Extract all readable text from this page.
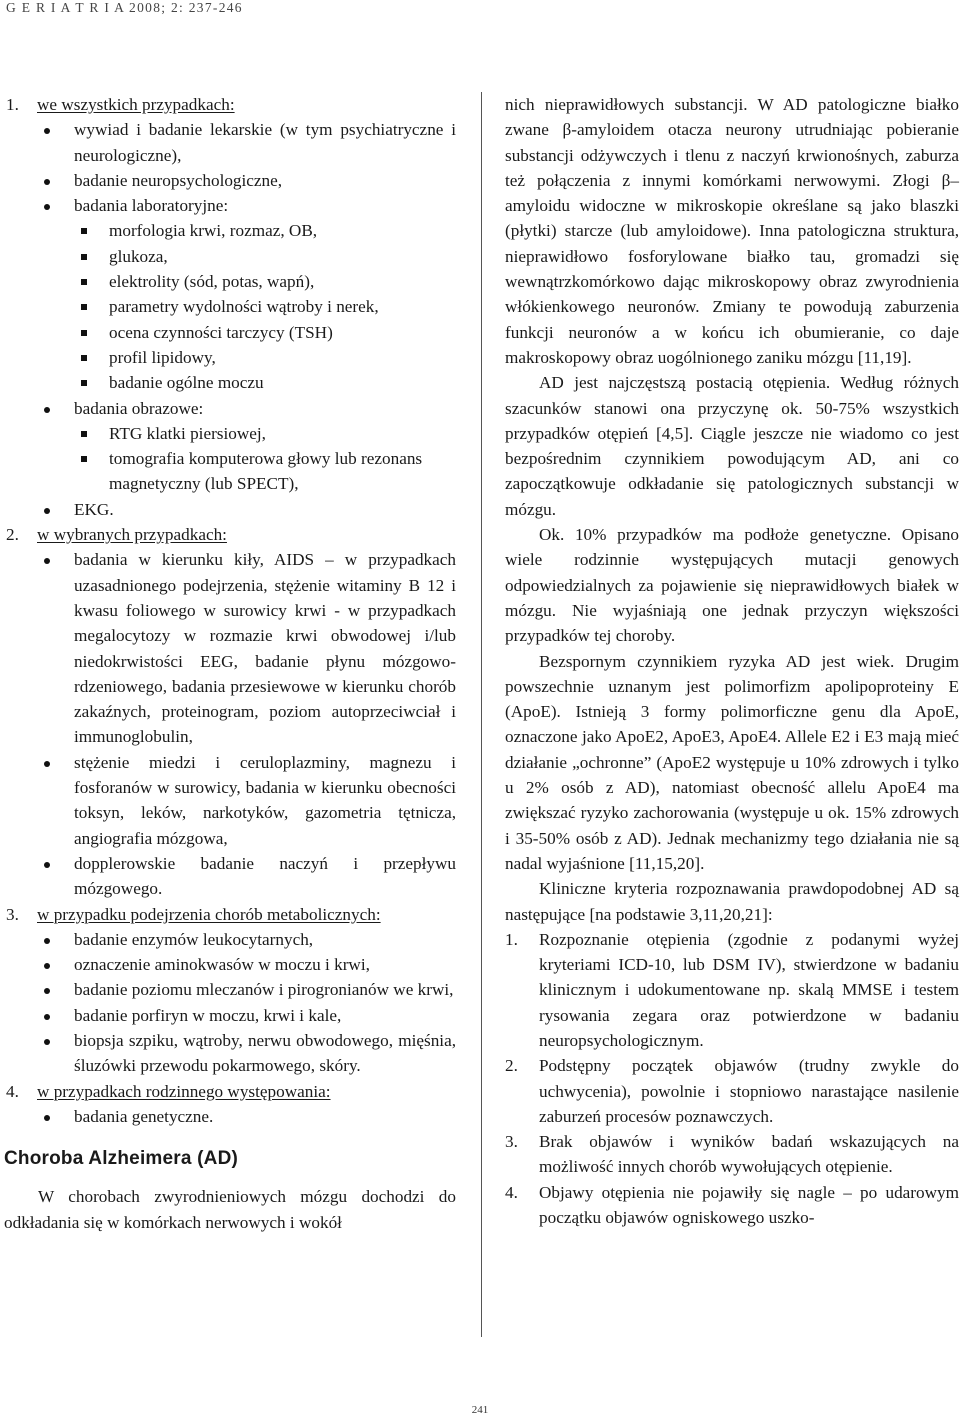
G E R I A T R I A 2008; 2: 237-246
1. we wszystkich przypadkach:
wywiad i badanie lekarskie (w tym psychiatryczne i neurologiczne),
badanie neuropsychologiczne,
badania laboratoryjne:
morfologia krwi, rozmaz, OB,
glukoza,
elektrolity (sód, potas, wapń),
parametry wydolności wątroby i nerek,
ocena czynności tarczycy (TSH)
profil lipidowy,
badanie ogólne moczu
badania obrazowe:
RTG klatki piersiowej,
tomografia komputerowa głowy lub rezonans magnetyczny (lub SPECT),
EKG.
2. w wybranych przypadkach:
badania w kierunku kiły, AIDS – w przypadkach uzasadnionego podejrzenia, stężenie witaminy B 12 i kwasu foliowego w surowicy krwi - w przypadkach megalocytozy w rozmazie krwi obwodowej i/lub niedokrwistości EEG, badanie płynu mózgowo-rdzeniowego, badania przesiewowe w kierunku chorób zakaźnych, proteinogram, poziom autoprzeciwciał i immunoglobulin,
stężenie miedzi i ceruloplazminy, magnezu i fosforanów w surowicy, badania w kierunku obecności toksyn, leków, narkotyków, gazometria tętnicza, angiografia mózgowa,
dopplerowskie badanie naczyń i przepływu mózgowego.
3. w przypadku podejrzenia chorób metabolicznych:
badanie enzymów leukocytarnych,
oznaczenie aminokwasów w moczu i krwi,
badanie poziomu mleczanów i pirogronianów we krwi,
badanie porfiryn w moczu, krwi i kale,
biopsja szpiku, wątroby, nerwu obwodowego, mięśnia, śluzówki przewodu pokarmowego, skóry.
4. w przypadkach rodzinnego występowania:
badania genetyczne.
Choroba Alzheimera (AD)

W chorobach zwyrodnieniowych mózgu dochodzi do odkładania się w komórkach nerwowych i wokół

nich nieprawidłowych substancji. W AD patologiczne białko zwane β-amyloidem otacza neurony utrudniając pobieranie substancji odżywczych i tlenu z naczyń krwionośnych, zaburza też połączenia z innymi komórkami nerwowymi. Złogi β–amyloidu widoczne w mikroskopie określane są jako blaszki (płytki) starcze (lub amyloidowe). Inna patologiczna struktura, nieprawidłowo fosforylowane białko tau, gromadzi się wewnątrzkomórkowo dając mikroskopowy obraz zwyrodnienia włókienkowego neuronów. Zmiany te powodują zaburzenia funkcji neuronów a w końcu ich obumieranie, co daje makroskopowy obraz uogólnionego zaniku mózgu [11,19].

AD jest najczęstszą postacią otępienia. Według różnych szacunków stanowi ona przyczynę ok. 50-75% wszystkich przypadków otępień [4,5]. Ciągle jeszcze nie wiadomo co jest bezpośrednim czynnikiem powodującym AD, ani co zapoczątkowuje odkładanie się patologicznych substancji w mózgu.

Ok. 10% przypadków ma podłoże genetyczne. Opisano wiele rodzinnie występujących mutacji genowych odpowiedzialnych za pojawienie się nieprawidłowych białek w mózgu. Nie wyjaśniają one jednak przyczyn większości przypadków tej choroby.

Bezspornym czynnikiem ryzyka AD jest wiek. Drugim powszechnie uznanym jest polimorfizm apolipoproteiny E (ApoE). Istnieją 3 formy polimorficzne genu dla ApoE, oznaczone jako ApoE2, ApoE3, ApoE4. Allele E2 i E3 mają mieć działanie „ochronne” (ApoE2 występuje u 10% zdrowych i tylko u 2% osób z AD), natomiast obecność allelu ApoE4 ma zwiększać ryzyko zachorowania (występuje u ok. 15% zdrowych i 35-50% osób z AD). Jednak mechanizmy tego działania nie są nadal wyjaśnione [11,15,20].

Kliniczne kryteria rozpoznawania prawdopodobnej AD są następujące [na podstawie 3,11,20,21]:

1. Rozpoznanie otępienia (zgodnie z podanymi wyżej kryteriami ICD-10, lub DSM IV), stwierdzone w badaniu klinicznym i udokumentowane np. skalą MMSE i testem rysowania zegara oraz potwierdzone w badaniu neuropsychologicznym.
2. Podstępny początek objawów (trudny zwykle do uchwycenia), powolnie i stopniowo narastające nasilenie zaburzeń procesów poznawczych.
3. Brak objawów i wyników badań wskazujących na możliwość innych chorób wywołujących otępienie.
4. Objawy otępienia nie pojawiły się nagle – po udarowym początku objawów ogniskowego uszko-
241
